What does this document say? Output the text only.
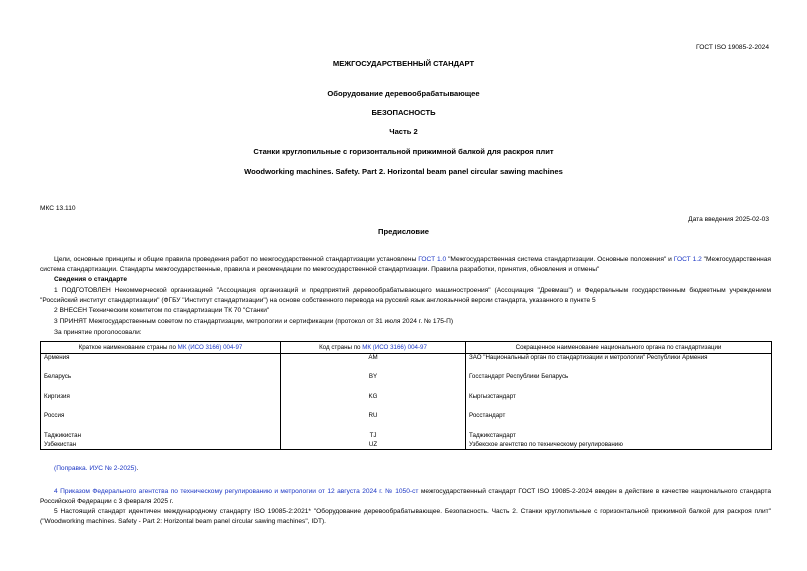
ГОСТ ISO 19085-2-2024
МЕЖГОСУДАРСТВЕННЫЙ СТАНДАРТ
Оборудование деревообрабатывающее
БЕЗОПАСНОСТЬ
Часть 2
Станки круглопильные с горизонтальной прижимной балкой для раскроя плит
Woodworking machines. Safety. Part 2. Horizontal beam panel circular sawing machines
МКС 13.110
Дата введения 2025-02-03
Предисловие
Цели, основные принципы и общие правила проведения работ по межгосударственной стандартизации установлены ГОСТ 1.0 "Межгосударственная система стандартизации. Основные положения" и ГОСТ 1.2 "Межгосударственная система стандартизации. Стандарты межгосударственные, правила и рекомендации по межгосударственной стандартизации. Правила разработки, принятия, обновления и отмены"
Сведения о стандарте
1 ПОДГОТОВЛЕН Некоммерческой организацией "Ассоциация организаций и предприятий деревообрабатывающего машиностроения" (Ассоциация "Древмаш") и Федеральным государственным бюджетным учреждением "Российский институт стандартизации" (ФГБУ "Институт стандартизации") на основе собственного перевода на русский язык англоязычной версии стандарта, указанного в пункте 5
2 ВНЕСЕН Техническим комитетом по стандартизации ТК 70 "Станки"
3 ПРИНЯТ Межгосударственным советом по стандартизации, метрологии и сертификации (протокол от 31 июля 2024 г. № 175-П)
За принятие проголосовали:
Краткое наименование страны по МК (ИСО 3166) 004-97	Код страны по МК (ИСО 3166) 004-97	Сокращенное наименование национального органа по стандартизации
Армения	AM	ЗАО "Национальный орган по стандартизации и метрологии" Республики Армения
Беларусь	BY	Госстандарт Республики Беларусь
Киргизия	KG	Кыргызстандарт
Россия	RU	Росстандарт
Таджикистан	TJ	Таджикстандарт
Узбекистан	UZ	Узбекское агентство по техническому регулированию
(Поправка. ИУС № 2-2025).
4 Приказом Федерального агентства по техническому регулированию и метрологии от 12 августа 2024 г. № 1050-ст межгосударственный стандарт ГОСТ ISO 19085-2-2024 введен в действие в качестве национального стандарта Российской Федерации с 3 февраля 2025 г.
5 Настоящий стандарт идентичен международному стандарту ISO 19085-2:2021* "Оборудование деревообрабатывающее. Безопасность. Часть 2. Станки круглопильные с горизонтальной прижимной балкой для раскроя плит" ("Woodworking machines. Safety - Part 2: Horizontal beam panel circular sawing machines", IDT).
